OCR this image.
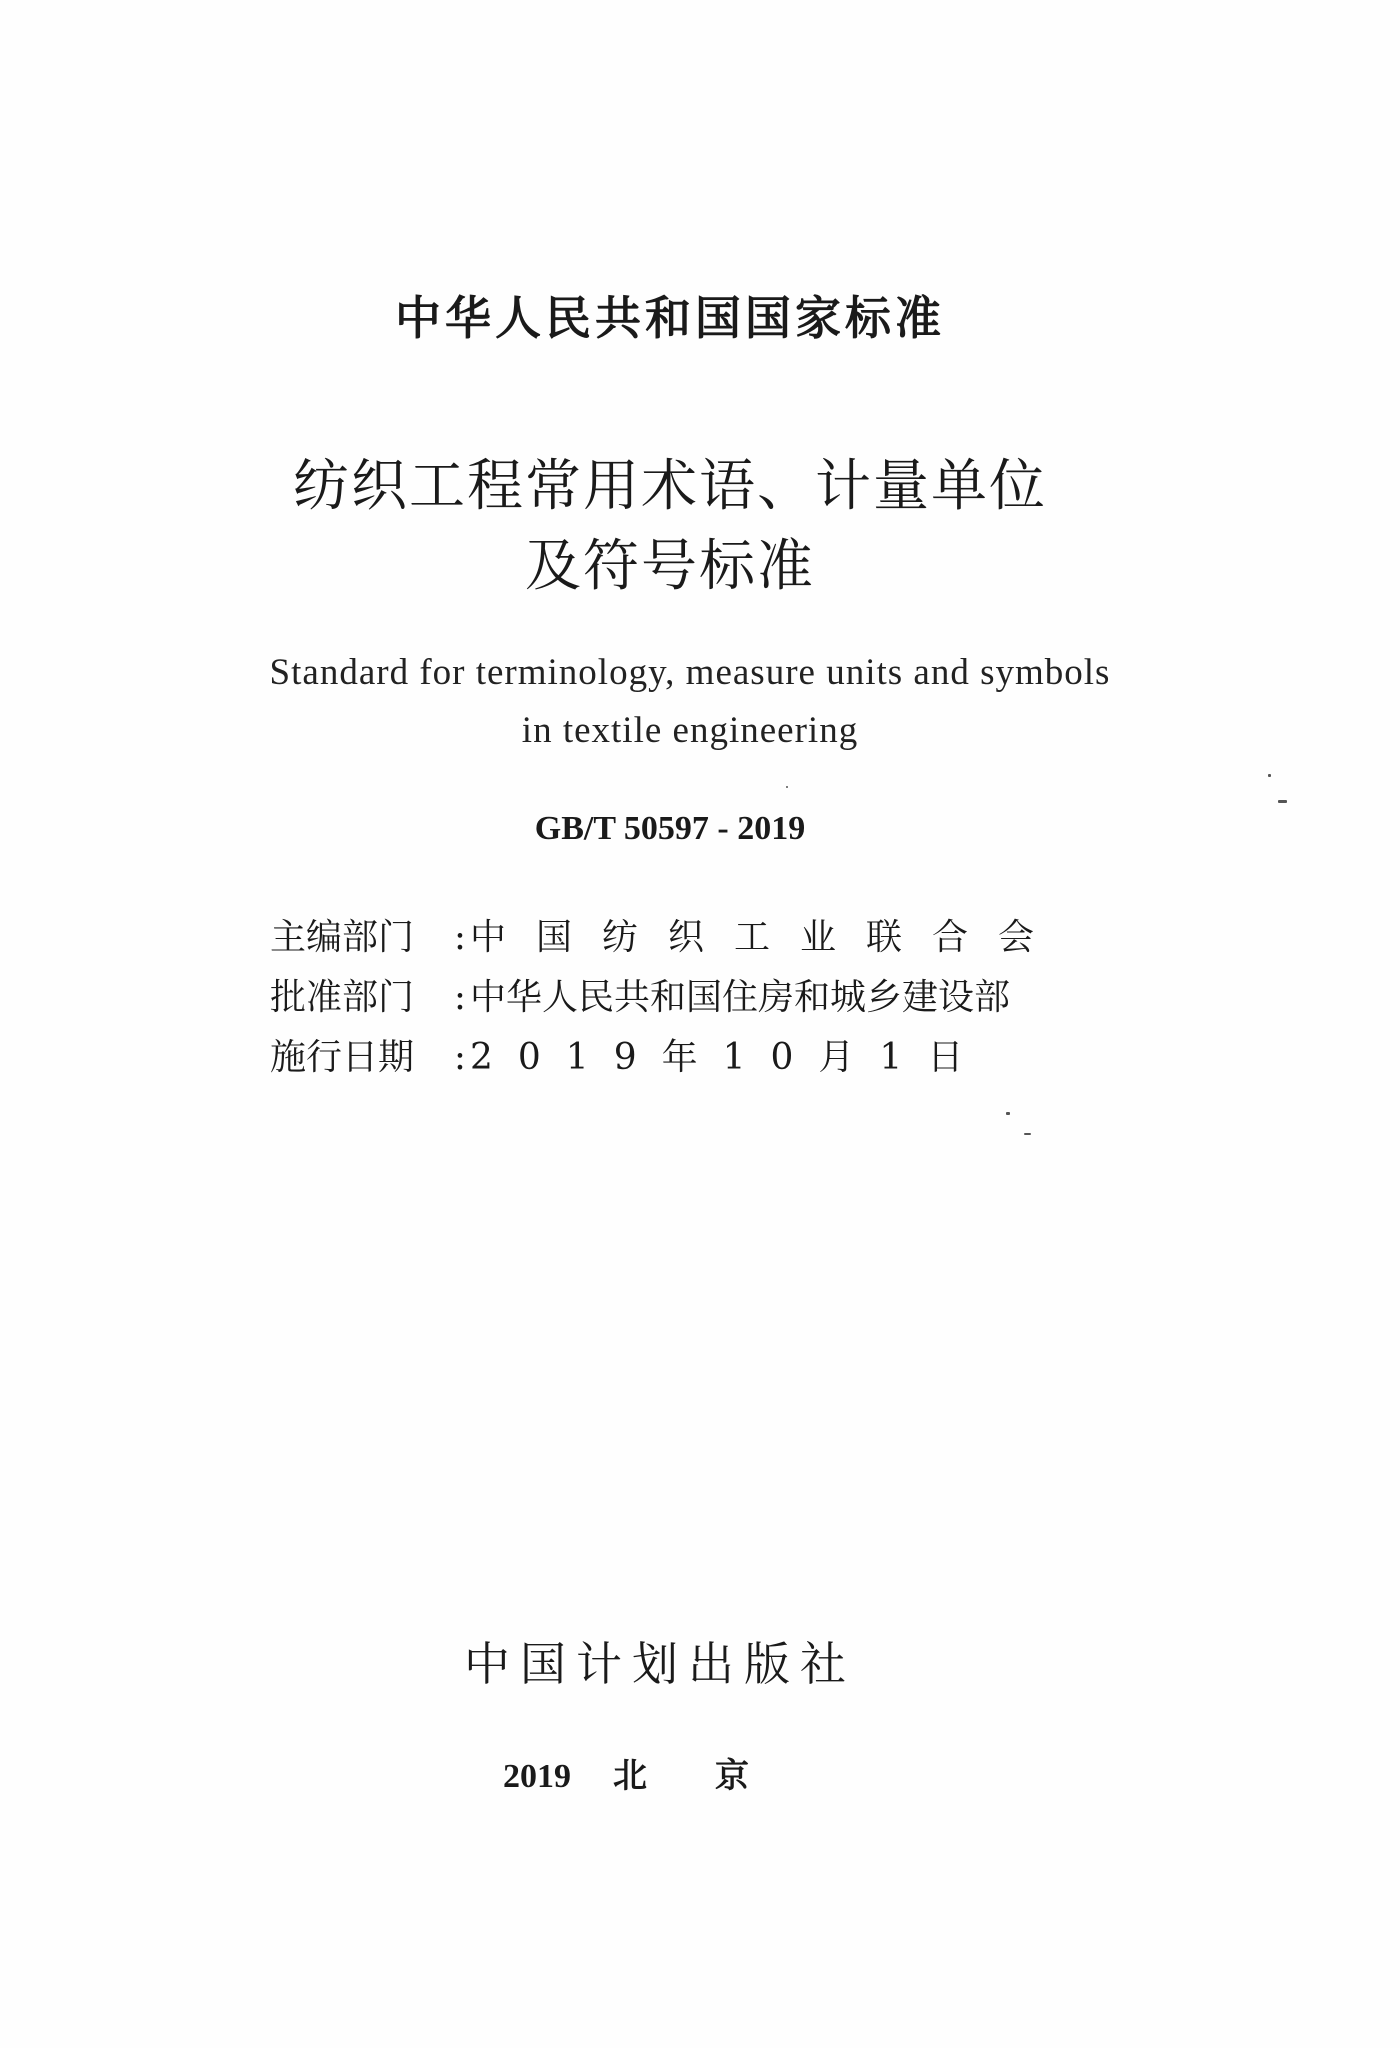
中华人民共和国国家标准
纺织工程常用术语、计量单位
及符号标准
Standard for terminology, measure units and symbols
in textile engineering
GB/T 50597 - 2019
主编部门	: 中国纺织工业联合会
批准部门	: 中华人民共和国住房和城乡建设部
施行日期	: 2019年10月1日
中国计划出版社
2019 北京
